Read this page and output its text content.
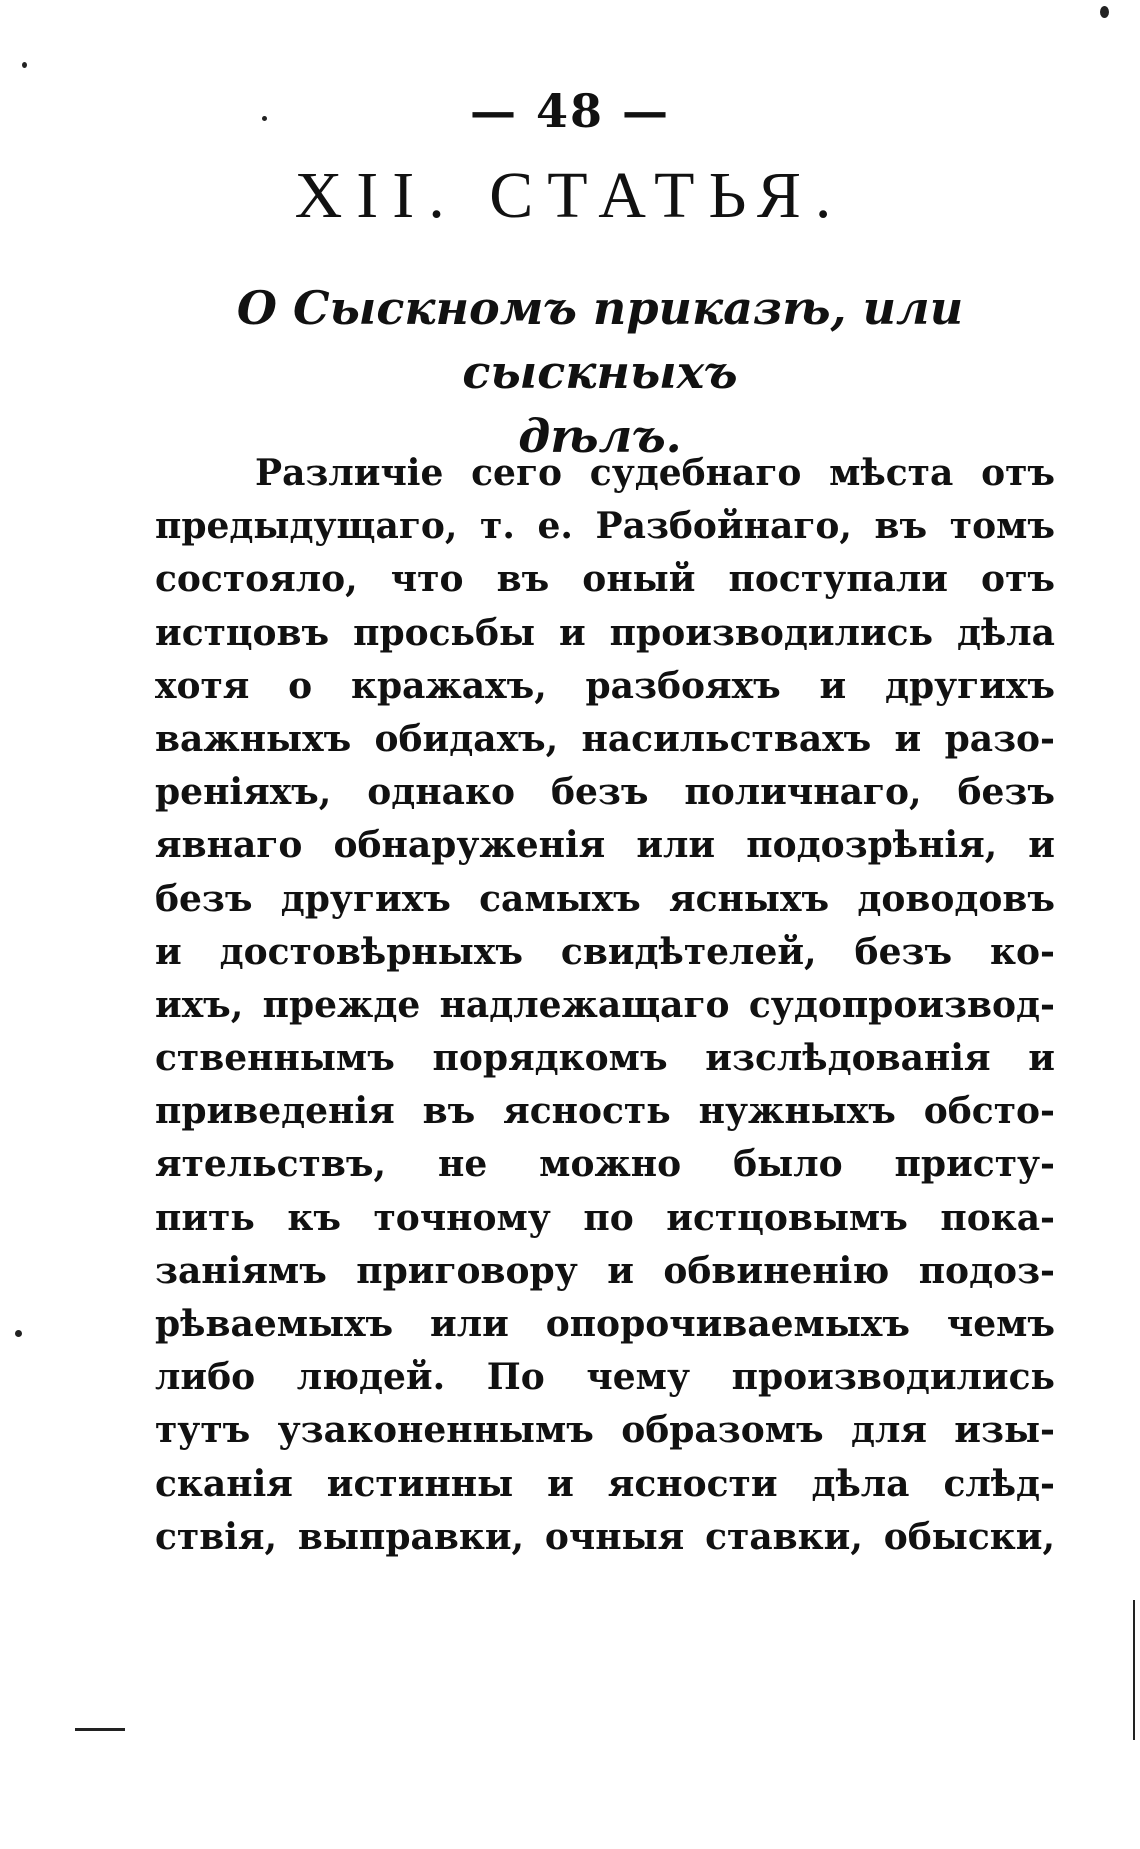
— 48 —
XII. СТАТЬЯ.
О Сыскномъ приказѣ, или сыскныхъ
дѣлъ.
Различіе сего судебнаго мѣста отъ
предыдущаго, т. е. Разбойнаго, въ томъ
состояло, что въ оный поступали отъ
истцовъ просьбы и производились дѣла
хотя о кражахъ, разбояхъ и другихъ
важныхъ обидахъ, насильствахъ и разо-
реніяхъ, однако безъ поличнаго, безъ
явнаго обнаруженія или подозрѣнія, и
безъ другихъ самыхъ ясныхъ доводовъ
и достовѣрныхъ свидѣтелей, безъ ко-
ихъ, прежде надлежащаго судопроизвод-
ственнымъ порядкомъ изслѣдованія и
приведенія въ ясность нужныхъ обсто-
ятельствъ, не можно было присту-
пить къ точному по истцовымъ пока-
заніямъ приговору и обвиненію подоз-
рѣваемыхъ или опорочиваемыхъ чемъ
либо людей. По чему производились
тутъ узаконеннымъ образомъ для изы-
сканія истинны и ясности дѣла слѣд-
ствія, выправки, очныя ставки, обыски,
